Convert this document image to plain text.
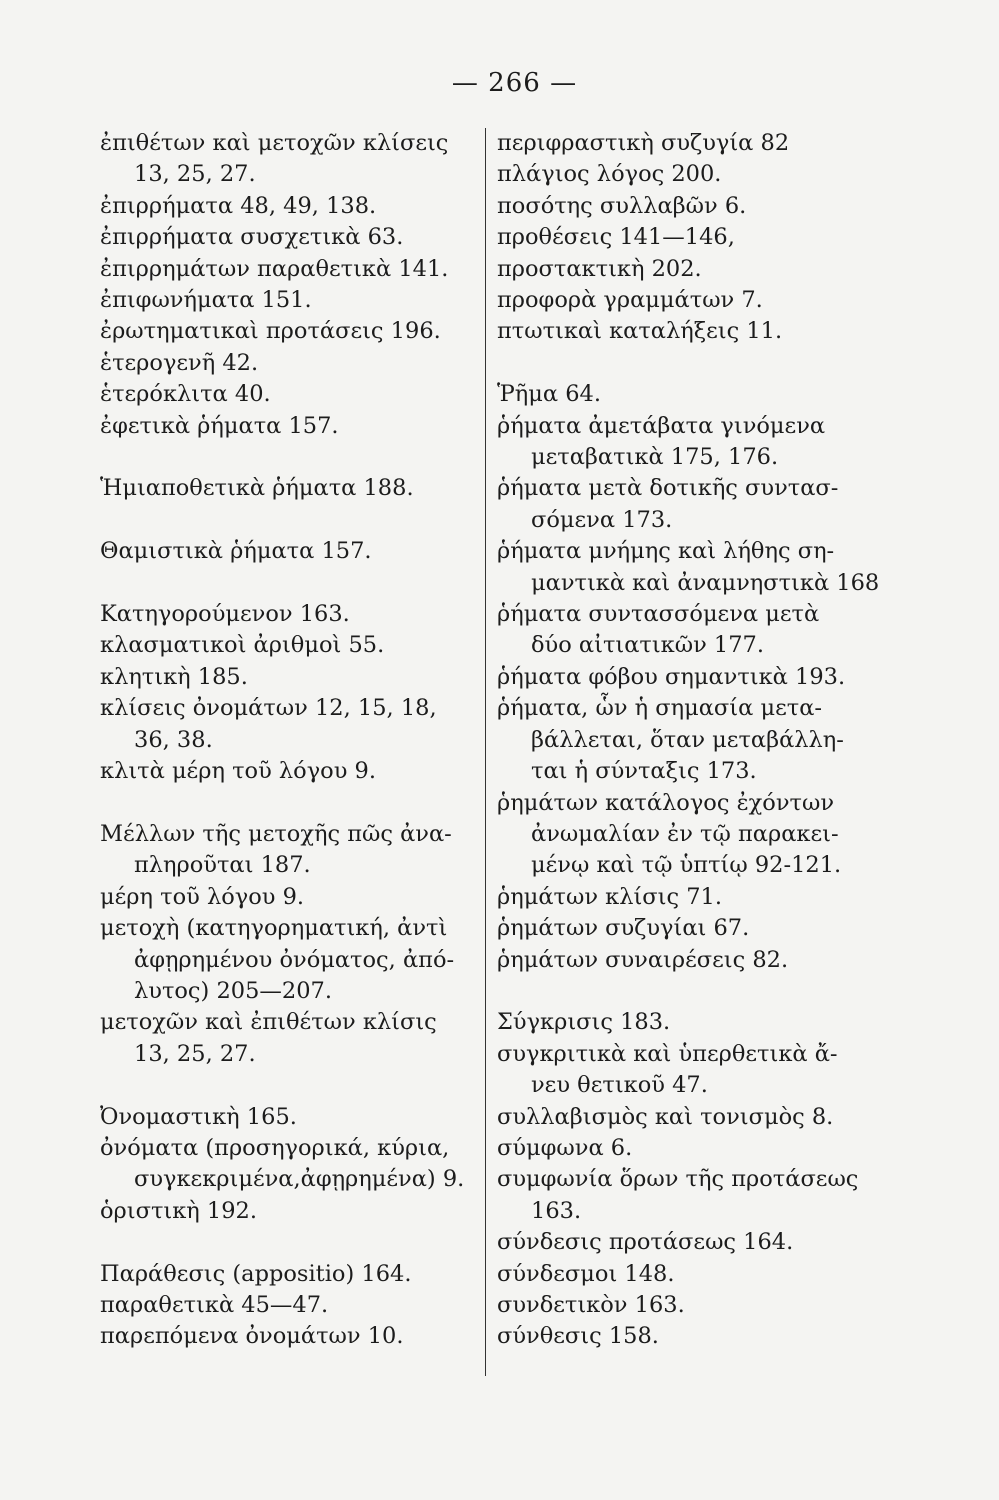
— 266 —
ἐπιθέτων καὶ μετοχῶν κλίσεις
13, 25, 27.
ἐπιρρήματα 48, 49, 138.
ἐπιρρήματα συσχετικὰ 63.
ἐπιρρημάτων παραθετικὰ 141.
ἐπιφωνήματα 151.
ἐρωτηματικαὶ προτάσεις 196.
ἑτερογενῆ 42.
ἑτερόκλιτα 40.
ἐφετικὰ ῥήματα 157.
Ἡμιαποθετικὰ ῥήματα 188.
Θαμιστικὰ ῥήματα 157.
Κατηγορούμενον 163.
κλασματικοὶ ἀριθμοὶ 55.
κλητικὴ 185.
κλίσεις ὀνομάτων 12, 15, 18,
36, 38.
κλιτὰ μέρη τοῦ λόγου 9.
Μέλλων τῆς μετοχῆς πῶς ἀνα-
πληροῦται 187.
μέρη τοῦ λόγου 9.
μετοχὴ (κατηγορηματική, ἀντὶ
ἀφῃρημένου ὀνόματος, ἀπό-
λυτος) 205—207.
μετοχῶν καὶ ἐπιθέτων κλίσις
13, 25, 27.
Ὀνομαστικὴ 165.
ὀνόματα (προσηγορικά, κύρια,
συγκεκριμένα,ἀφῃρημένα) 9.
ὁριστικὴ 192.
Παράθεσις (appositio) 164.
παραθετικὰ 45—47.
παρεπόμενα ὀνομάτων 10.
περιφραστικὴ συζυγία 82
πλάγιος λόγος 200.
ποσότης συλλαβῶν 6.
προθέσεις 141—146,
προστακτικὴ 202.
προφορὰ γραμμάτων 7.
πτωτικαὶ καταλήξεις 11.
Ῥῆμα 64.
ῥήματα ἀμετάβατα γινόμενα
μεταβατικὰ 175, 176.
ῥήματα μετὰ δοτικῆς συντασ-
σόμενα 173.
ῥήματα μνήμης καὶ λήθης ση-
μαντικὰ καὶ ἀναμνηστικὰ 168
ῥήματα συντασσόμενα μετὰ
δύο αἰτιατικῶν 177.
ῥήματα φόβου σημαντικὰ 193.
ῥήματα, ὧν ἡ σημασία μετα-
βάλλεται, ὅταν μεταβάλλη-
ται ἡ σύνταξις 173.
ῥημάτων κατάλογος ἐχόντων
ἀνωμαλίαν ἐν τῷ παρακει-
μένῳ καὶ τῷ ὑπτίῳ 92-121.
ῥημάτων κλίσις 71.
ῥημάτων συζυγίαι 67.
ῥημάτων συναιρέσεις 82.
Σύγκρισις 183.
συγκριτικὰ καὶ ὑπερθετικὰ ἄ-
νευ θετικοῦ 47.
συλλαβισμὸς καὶ τονισμὸς 8.
σύμφωνα 6.
συμφωνία ὅρων τῆς προτάσεως
163.
σύνδεσις προτάσεως 164.
σύνδεσμοι 148.
συνδετικὸν 163.
σύνθεσις 158.
